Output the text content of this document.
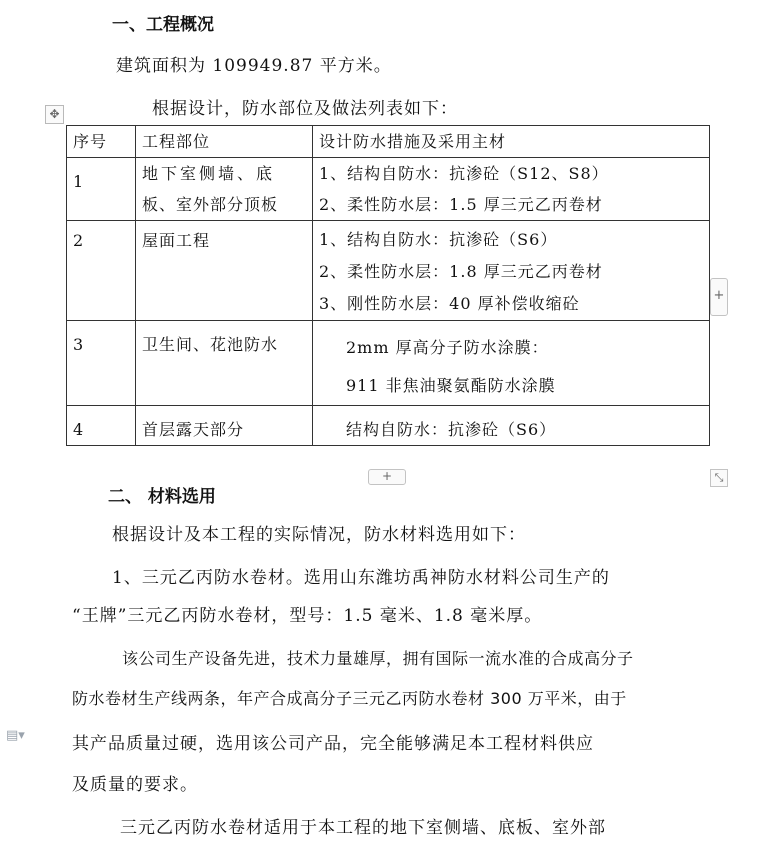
一、工程概况
建筑面积为 109949.87 平方米。
根据设计，防水部位及做法列表如下：
✥
序号	工程部位	设计防水措施及采用主材
1	地下室侧墙、底
板、室外部分顶板	1、结构自防水：抗渗砼（S12、S8）
2、柔性防水层：1.5 厚三元乙丙卷材

2	屋面工程	1、结构自防水：抗渗砼（S6）
2、柔性防水层：1.8 厚三元乙丙卷材
3、刚性防水层：40 厚补偿收缩砼

3	卫生间、花池防水	2mm 厚高分子防水涂膜：
911 非焦油聚氨酯防水涂膜

4	首层露天部分	结构自防水：抗渗砼（S6）
+
+	⤡
二、 材料选用
根据设计及本工程的实际情况，防水材料选用如下：
1、三元乙丙防水卷材。选用山东潍坊禹神防水材料公司生产的
“王牌”三元乙丙防水卷材，型号：1.5 毫米、1.8 毫米厚。
该公司生产设备先进，技术力量雄厚，拥有国际一流水准的合成高分子
防水卷材生产线两条，年产合成高分子三元乙丙防水卷材 300 万平米，由于
其产品质量过硬，选用该公司产品，完全能够满足本工程材料供应
及质量的要求。
三元乙丙防水卷材适用于本工程的地下室侧墙、底板、室外部
▤▾
